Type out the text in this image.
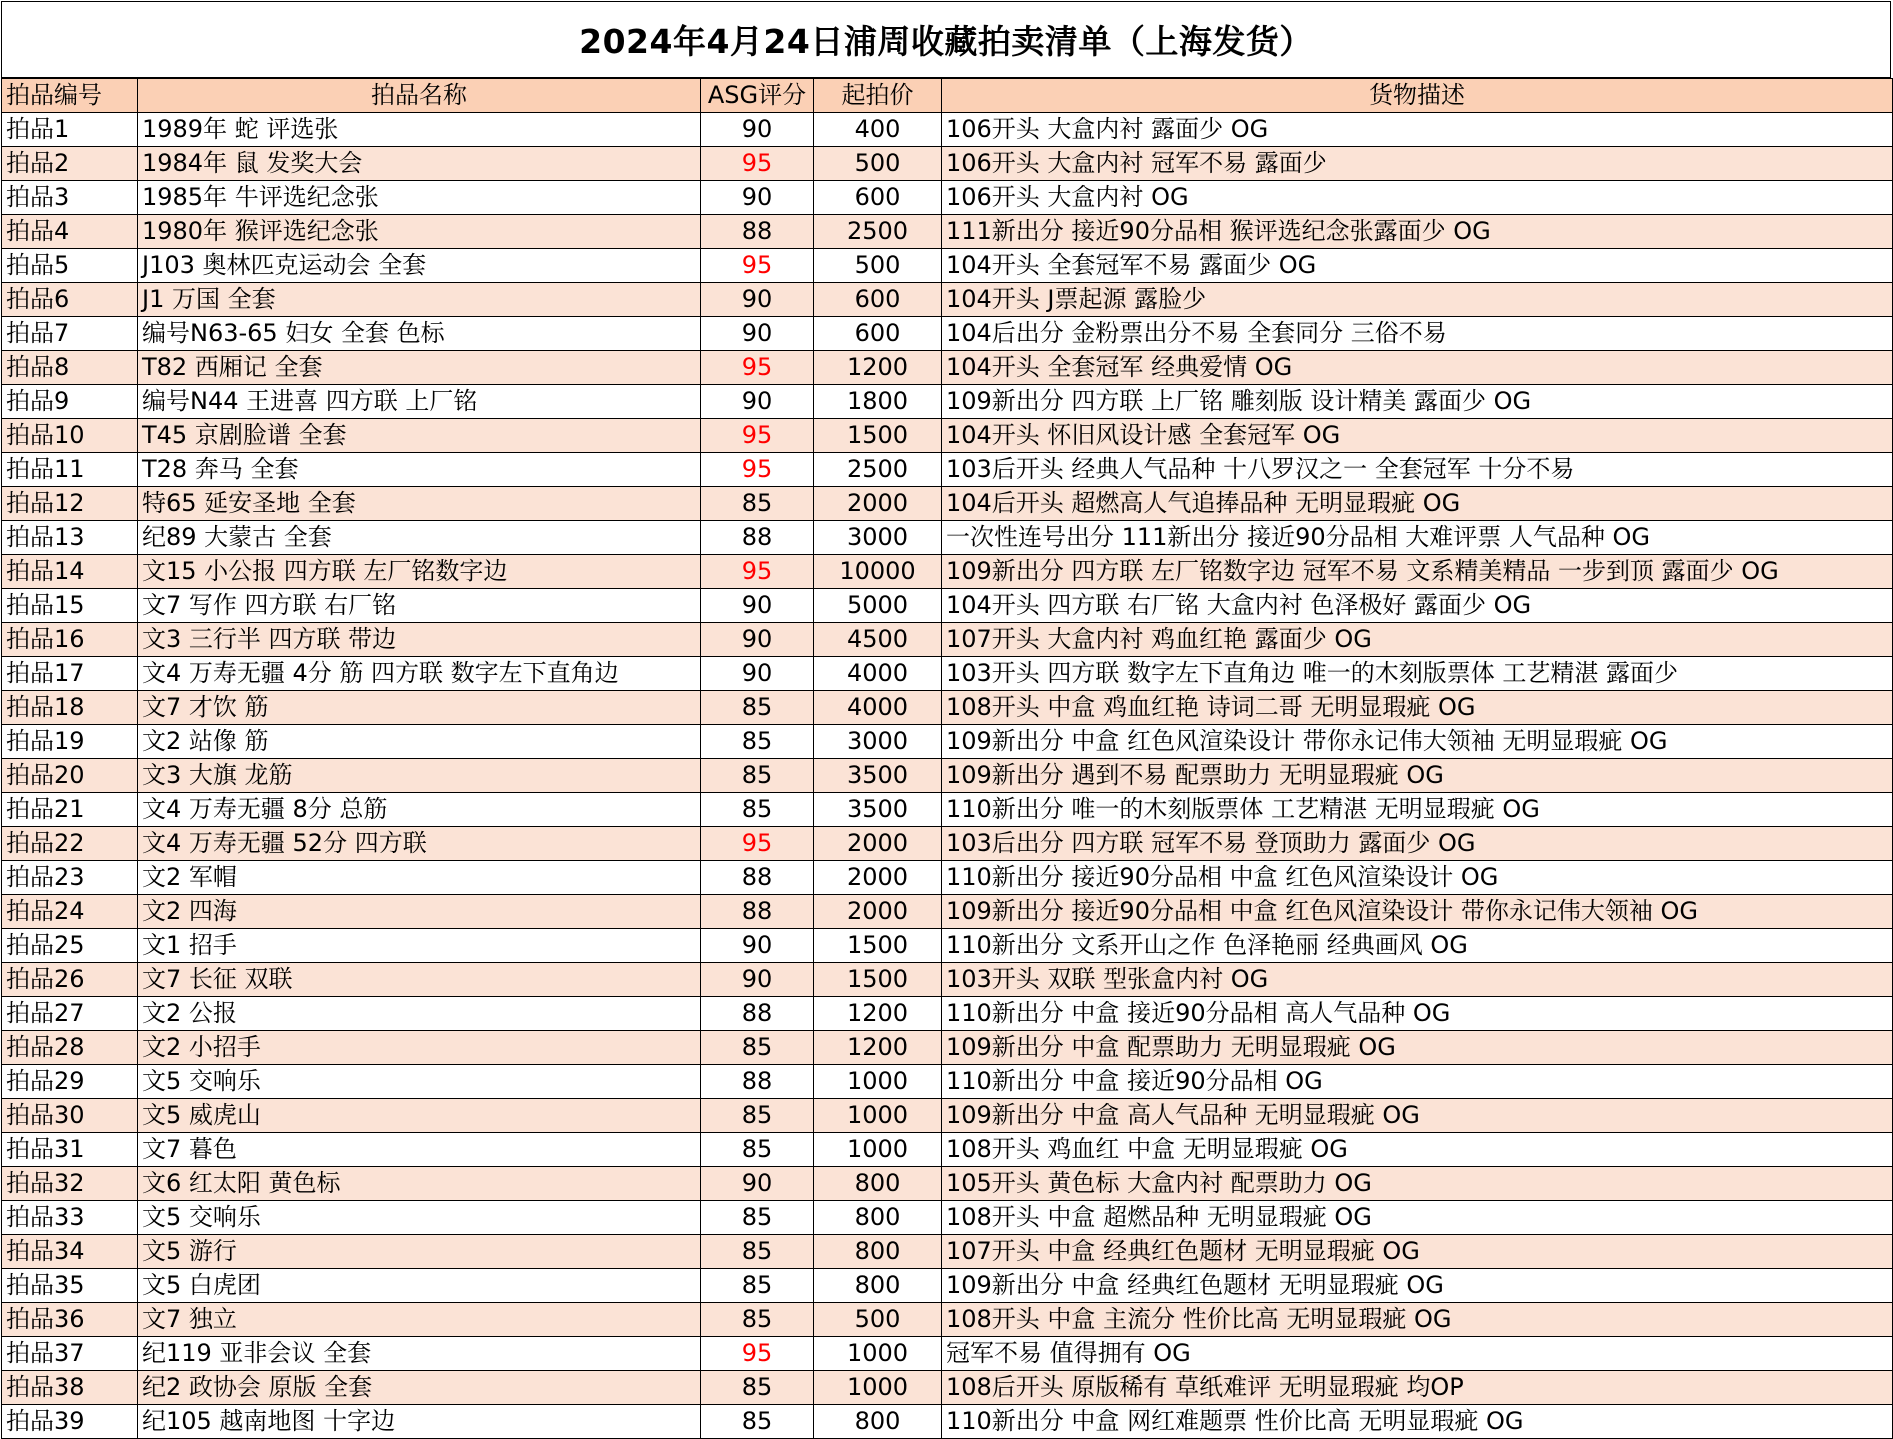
2024年4月24日浦周收藏拍卖清单（上海发货）
拍品编号	拍品名称	ASG评分	起拍价	货物描述
拍品1	1989年 蛇 评选张	90	400	106开头 大盒内衬 露面少 OG
拍品2	1984年 鼠 发奖大会	95	500	106开头 大盒内衬 冠军不易 露面少
拍品3	1985年 牛评选纪念张	90	600	106开头 大盒内衬 OG
拍品4	1980年 猴评选纪念张	88	2500	111新出分 接近90分品相 猴评选纪念张露面少 OG
拍品5	J103 奥林匹克运动会 全套	95	500	104开头 全套冠军不易 露面少 OG
拍品6	J1 万国 全套	90	600	104开头 J票起源 露脸少
拍品7	编号N63-65 妇女 全套 色标	90	600	104后出分 金粉票出分不易 全套同分 三俗不易
拍品8	T82 西厢记 全套	95	1200	104开头 全套冠军 经典爱情 OG
拍品9	编号N44 王进喜 四方联 上厂铭	90	1800	109新出分 四方联 上厂铭 雕刻版 设计精美 露面少 OG
拍品10	T45 京剧脸谱 全套	95	1500	104开头 怀旧风设计感 全套冠军 OG
拍品11	T28 奔马 全套	95	2500	103后开头 经典人气品种 十八罗汉之一 全套冠军 十分不易
拍品12	特65 延安圣地 全套	85	2000	104后开头 超燃高人气追捧品种 无明显瑕疵 OG
拍品13	纪89 大蒙古 全套	88	3000	一次性连号出分 111新出分 接近90分品相 大难评票 人气品种 OG
拍品14	文15 小公报 四方联 左厂铭数字边	95	10000	109新出分 四方联 左厂铭数字边 冠军不易 文系精美精品 一步到顶 露面少 OG
拍品15	文7 写作 四方联 右厂铭	90	5000	104开头 四方联 右厂铭 大盒内衬 色泽极好 露面少 OG
拍品16	文3 三行半 四方联 带边	90	4500	107开头 大盒内衬 鸡血红艳 露面少 OG
拍品17	文4 万寿无疆 4分 筋 四方联 数字左下直角边	90	4000	103开头 四方联 数字左下直角边 唯一的木刻版票体 工艺精湛 露面少
拍品18	文7 才饮 筋	85	4000	108开头 中盒 鸡血红艳 诗词二哥 无明显瑕疵 OG
拍品19	文2 站像 筋	85	3000	109新出分 中盒 红色风渲染设计 带你永记伟大领袖 无明显瑕疵 OG
拍品20	文3 大旗 龙筋	85	3500	109新出分 遇到不易 配票助力 无明显瑕疵 OG
拍品21	文4 万寿无疆 8分 总筋	85	3500	110新出分 唯一的木刻版票体 工艺精湛 无明显瑕疵 OG
拍品22	文4 万寿无疆 52分 四方联	95	2000	103后出分 四方联 冠军不易 登顶助力 露面少 OG
拍品23	文2 军帽	88	2000	110新出分 接近90分品相 中盒 红色风渲染设计 OG
拍品24	文2 四海	88	2000	109新出分 接近90分品相 中盒 红色风渲染设计 带你永记伟大领袖 OG
拍品25	文1 招手	90	1500	110新出分 文系开山之作 色泽艳丽 经典画风 OG
拍品26	文7 长征 双联	90	1500	103开头 双联 型张盒内衬 OG
拍品27	文2 公报	88	1200	110新出分 中盒 接近90分品相 高人气品种 OG
拍品28	文2 小招手	85	1200	109新出分 中盒 配票助力 无明显瑕疵 OG
拍品29	文5 交响乐	88	1000	110新出分 中盒 接近90分品相 OG
拍品30	文5 威虎山	85	1000	109新出分 中盒 高人气品种 无明显瑕疵 OG
拍品31	文7 暮色	85	1000	108开头 鸡血红 中盒 无明显瑕疵 OG
拍品32	文6 红太阳 黄色标	90	800	105开头 黄色标 大盒内衬 配票助力 OG
拍品33	文5 交响乐	85	800	108开头 中盒 超燃品种 无明显瑕疵 OG
拍品34	文5 游行	85	800	107开头 中盒 经典红色题材 无明显瑕疵 OG
拍品35	文5 白虎团	85	800	109新出分 中盒 经典红色题材 无明显瑕疵 OG
拍品36	文7 独立	85	500	108开头 中盒 主流分 性价比高 无明显瑕疵 OG
拍品37	纪119 亚非会议 全套	95	1000	冠军不易 值得拥有 OG
拍品38	纪2 政协会 原版 全套	85	1000	108后开头 原版稀有 草纸难评 无明显瑕疵 均OP
拍品39	纪105 越南地图 十字边	85	800	110新出分 中盒 网红难题票 性价比高 无明显瑕疵 OG
